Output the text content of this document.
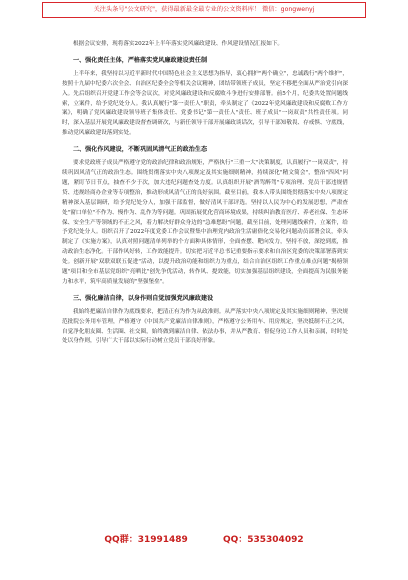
关注头条号"公文研究"，获得最新最全最专业的公文资料库！ 微信：gongwenyj

根据会议安排，现将落实2022年上半年落实党风廉政建设、作风建设情况汇报如下。

一、强化责任主体，严格落实党风廉政建设责任制

上半年来，我坚持以习近平新时代中国特色社会主义思想为指导，衷心拥护"两个确立"，忠诚践行"两个维护"，按照十九届中纪委六次全会、自治区纪委全会等相关会议精神，团结带领班子成员，坚定不移把全面从严治党引向深入。先后组织召开党建工作会等会议次，对党风廉政建设和反腐败斗争进行安排部署。前5个月，纪委共处置问题线索，立案件，给予党纪处分人。我认真履行"第一责任人"职责，牵头制定了《2022年党风廉政建设和反腐败工作方案》，明确了党风廉政建设领导班子集体责任、党委书记"第一责任人"责任、班子成员"一岗双责"共性责任项。同时，深入基层开展党风廉政建设督查调研次，与新任领导干部开展廉政谈话次，引导干部知敬畏、存戒惧、守底线，推动党风廉政建设落到实处。

二、强化作风建设，不断巩固风清气正的政治生态

要求党政班子成员严格遵守党的政治纪律和政治规矩，严格执行"三重一大"决策制度，认真履行"一岗双责"，持续巩固风清气正的政治生态。围绕贯彻落实中央八项规定及其实施细则精神，持续深化"精文简会"，整治"四风"问题，紧盯节日节点，抽查不少于次，加大违纪问题查处力度。认真组织开展"酒驾醉驾"专项治理、党员干部违规借贷、违规经商办企业等专项整治，推动形成风清气正的良好氛围。截至目前，我本人带头围绕贯彻落实中央八项规定精神深入基层调研，给予党纪处分人，加强干部监督，做好清风干部评选。坚持以人民为中心的发展思想，严肃查处"窗口单位"不作为、慢作为、乱作为等问题。巩固拓展优化营商环境成果，持续纠治教育医疗、养老社保、生态环保、安全生产等领域的不正之风，着力解决好群众身边的"急难愁盼"问题，截至目前，处理问题线索件，立案件，给予党纪处分人。组织召开了2022年度党委工作会议暨集中治理党内政治生活庸俗化交易化问题动员部署会议，牵头制定了《实施方案》，认真对照问题清单列举的个方面种具体情形，全面查摆、靶向发力，坚持不放，深挖到底，推动政治生态净化。干部作风好转，工作效能提升。切实把习近平总书记重要指示要求和自治区党委的决策部署落到实处。创新开展"双联双联五促进"活动，以提升政治功能和组织力为重点，结合自治区组织工作重点难点问题"揭榜领题"项目和全市基层党组织"亮晒比"创先争优活动，转作风、提效能，切实加强基层组织建设，全面提高为民服务能力和水平，筑牢高质量发展的"坚强堡垒"。

三、强化廉洁自律，以身作则自觉加强党风廉政建设

我始终把廉洁自律作为底线要求，把清正有为作为从政准则。从严落实中央八项规定及其实施细则精神，坚决规范批院公务用车管理，严格遵守《中国共产党廉洁自律准则》，严格遵守公务用车、用房规定，坚决抵制不正之风，自觉净化朋友圈、生活圈、社交圈，始终做到廉洁自律、依法办事，并从严教育、督促身边工作人员和亲属，时时处处以身作则，引导广大干部以实际行动树立党员干部良好形象。

QQ群：31991489	QQ：535304092
